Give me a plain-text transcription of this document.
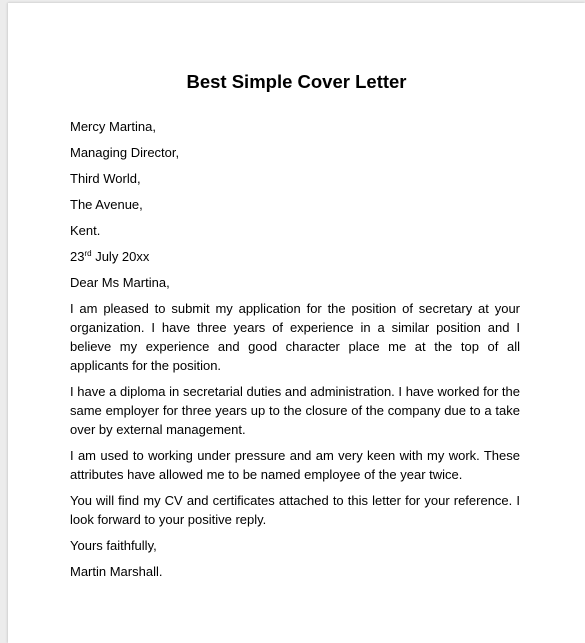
Best Simple Cover Letter

Mercy Martina,

Managing Director,

Third World,

The Avenue,

Kent.

23rd July 20xx

Dear Ms Martina,

I am pleased to submit my application for the position of secretary at your organization. I have three years of experience in a similar position and I believe my experience and good character place me at the top of all applicants for the position.

I have a diploma in secretarial duties and administration. I have worked for the same employer for three years up to the closure of the company due to a take over by external management.

I am used to working under pressure and am very keen with my work. These attributes have allowed me to be named employee of the year twice.

You will find my CV and certificates attached to this letter for your reference. I look forward to your positive reply.

Yours faithfully,

Martin Marshall.
